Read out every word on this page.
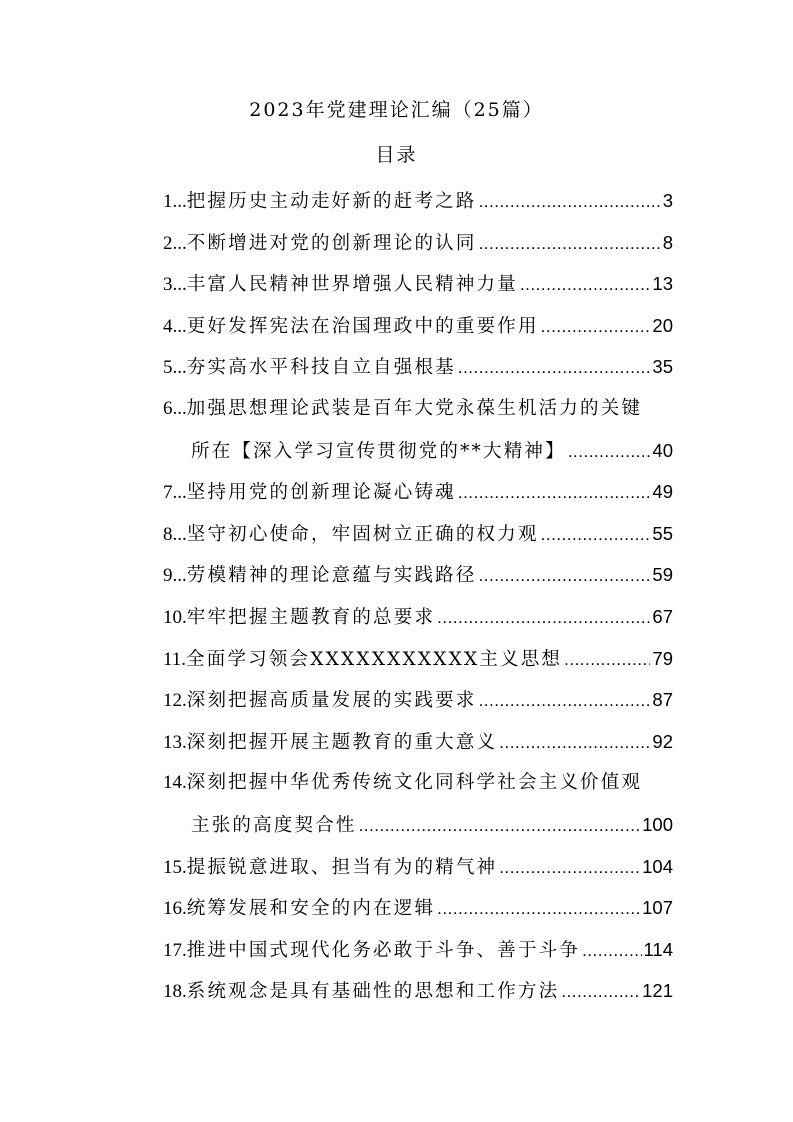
2023年党建理论汇编（25篇）
目录
1... 把握历史主动走好新的赶考之路 .....	3
2... 不断增进对党的创新理论的认同 .....	8
3... 丰富人民精神世界增强人民精神力量 .....	13
4... 更好发挥宪法在治国理政中的重要作用 .....	20
5... 夯实高水平科技自立自强根基 .....	35
6... 加强思想理论武装是百年大党永葆生机活力的关键
所在【深入学习宣传贯彻党的**大精神】 .....	40
7... 坚持用党的创新理论凝心铸魂 .....	49
8... 坚守初心使命，牢固树立正确的权力观 .....	55
9... 劳模精神的理论意蕴与实践路径 .....	59
10. 牢牢把握主题教育的总要求 .....	67
11. 全面学习领会XXXXXXXXXXX主义思想 .....	79
12. 深刻把握高质量发展的实践要求 .....	87
13. 深刻把握开展主题教育的重大意义 .....	92
14. 深刻把握中华优秀传统文化同科学社会主义价值观
主张的高度契合性 .....	100
15. 提振锐意进取、担当有为的精气神 .....	104
16. 统筹发展和安全的内在逻辑 .....	107
17. 推进中国式现代化务必敢于斗争、善于斗争 .....	114
18. 系统观念是具有基础性的思想和工作方法 .....	121
